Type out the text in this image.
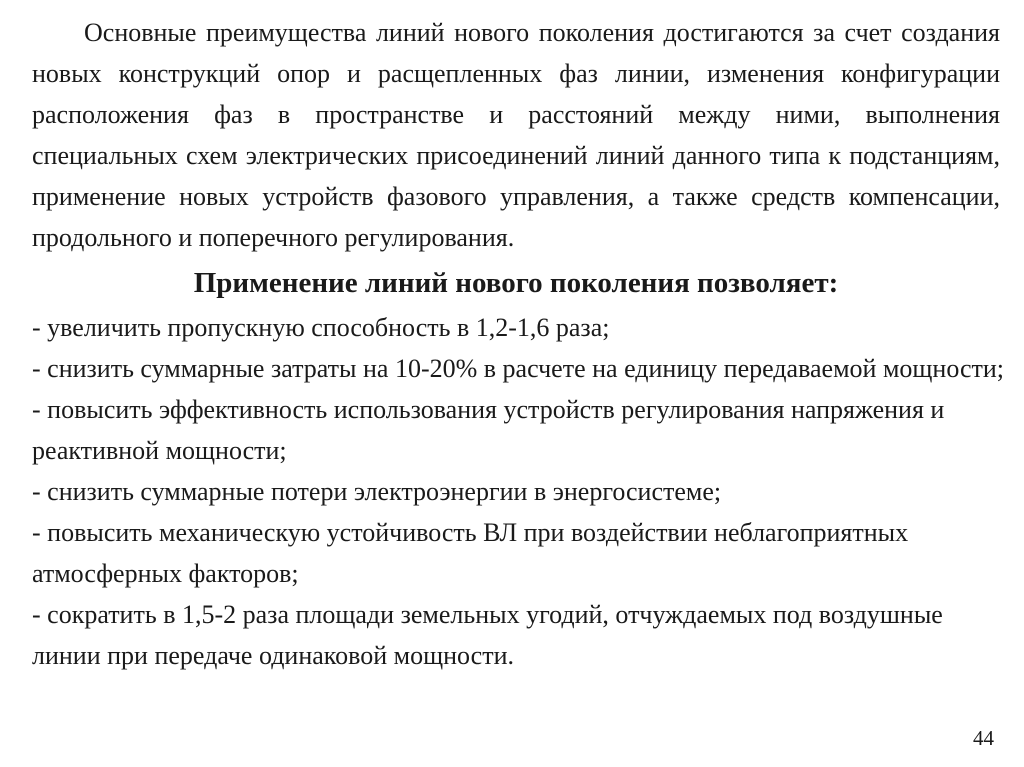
Основные преимущества линий нового поколения достигаются за счет создания новых конструкций опор и расщепленных фаз линии, изменения конфигурации расположения фаз в пространстве и расстояний между ними, выполнения специальных схем электрических присоединений линий данного типа к подстанциям, применение новых устройств фазового управления, а также средств компенсации, продольного и поперечного регулирования.

Применение линий нового поколения позволяет:
- увеличить пропускную способность в 1,2-1,6 раза;
- снизить суммарные затраты на 10-20% в расчете на единицу передаваемой мощности;
- повысить эффективность использования устройств регулирования напряжения и реактивной мощности;
- снизить суммарные потери электроэнергии в энергосистеме;
- повысить механическую устойчивость ВЛ при воздействии неблагоприятных атмосферных факторов;
- сократить в 1,5-2 раза площади земельных угодий, отчуждаемых под воздушные линии при передаче одинаковой мощности.
44
